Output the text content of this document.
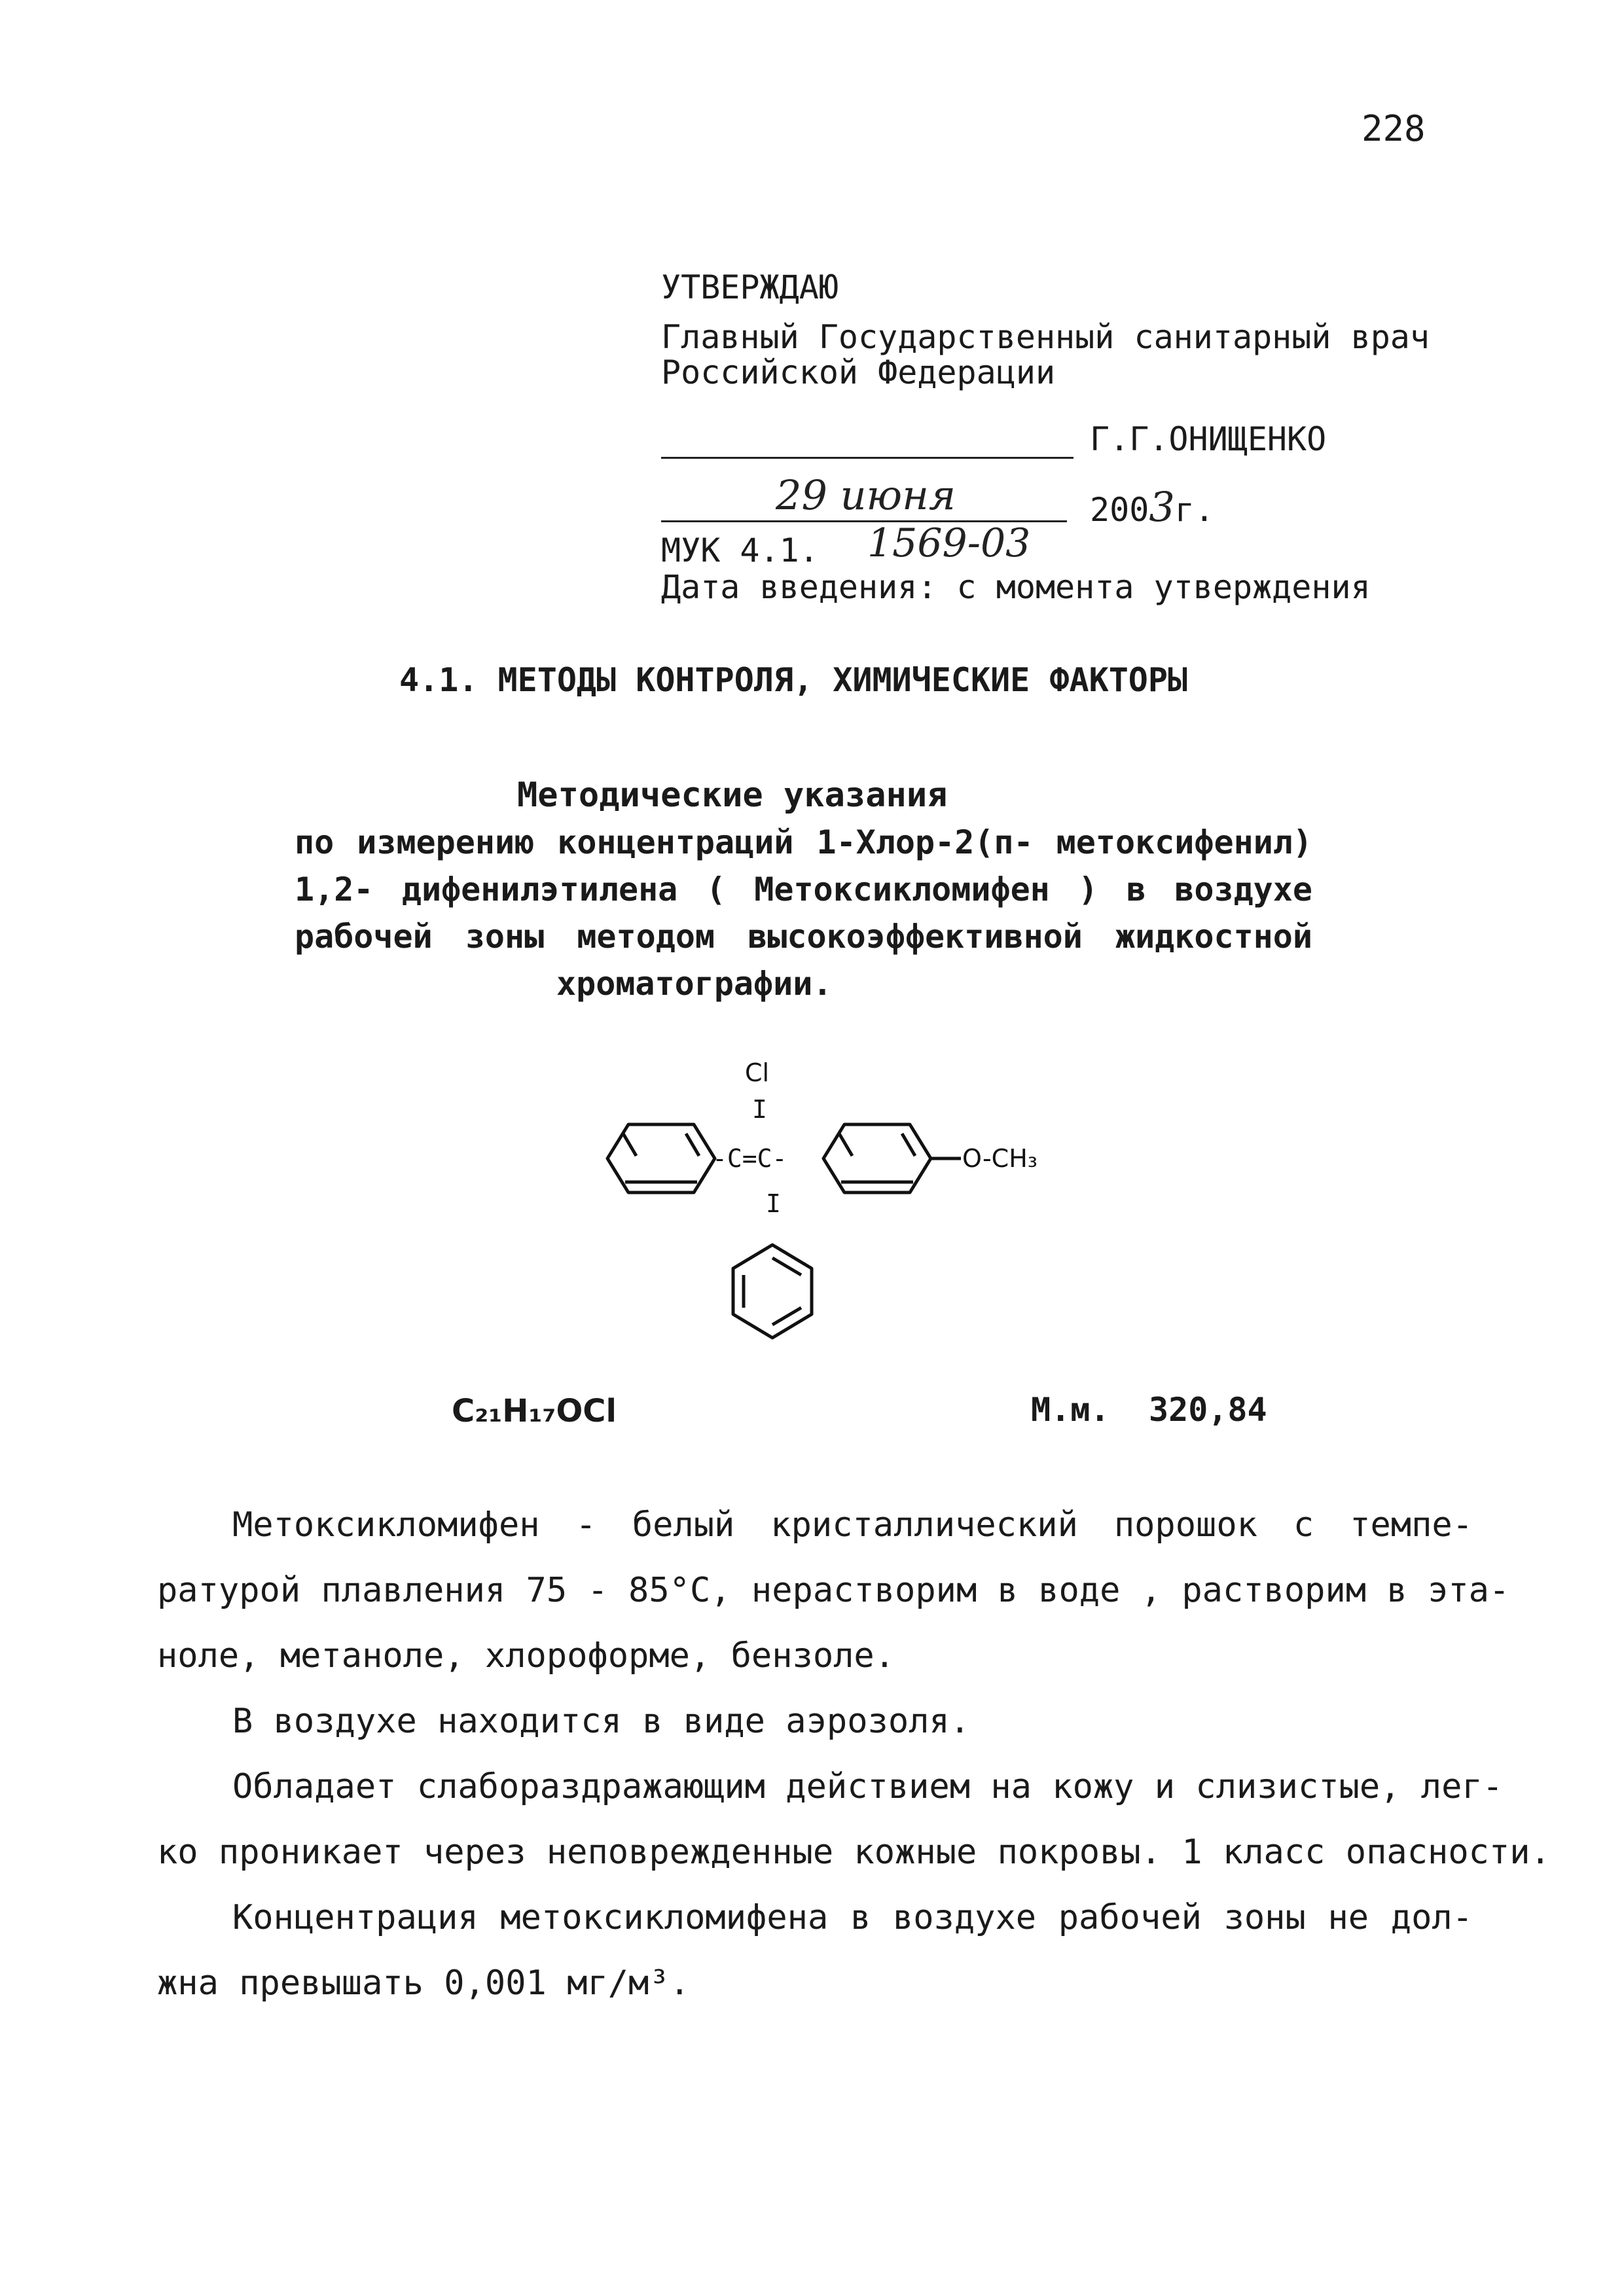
228
УТВЕРЖДАЮ
Главный Государственный санитарный врач
Российской Федерации
Г.Г.ОНИЩЕНКО
29 июня	2003г.
МУК 4.1. 1569-03
Дата введения: с момента утверждения
4.1. МЕТОДЫ КОНТРОЛЯ, ХИМИЧЕСКИЕ ФАКТОРЫ
Методические указания
по измерению концентраций 1-Хлор-2(п- метоксифенил)
1,2- дифенилэтилена ( Метоксикломифен ) в воздухе
рабочей зоны методом высокоэффективной жидкостной
хроматографии.
Cl
I
-C=C-
I
O-CH₃
C₂₁H₁₇OCl	М.м. 320,84
Метоксикломифен - белый кристаллический порошок с темпе-
ратурой плавления 75 - 85°С, нерастворим в воде , растворим в эта-
ноле, метаноле, хлороформе, бензоле.
В воздухе находится в виде аэрозоля.
Обладает слабораздражающим действием на кожу и слизистые, лег-
ко проникает через неповрежденные кожные покровы. 1 класс опасности.
Концентрация метоксикломифена в воздухе рабочей зоны не дол-
жна превышать 0,001 мг/м³.
